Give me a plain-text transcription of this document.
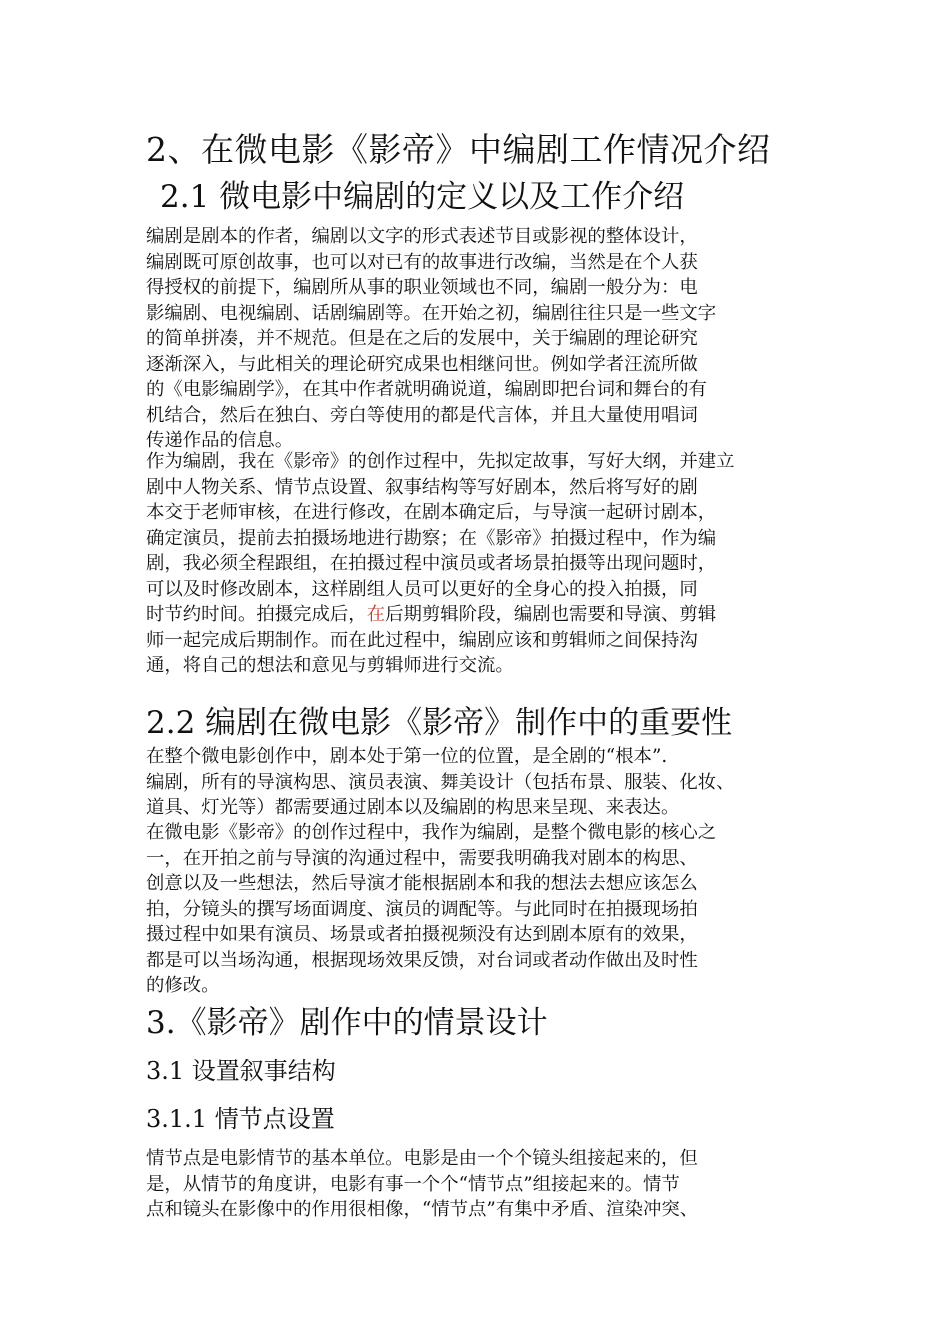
2、在微电影《影帝》中编剧工作情况介绍
2.1 微电影中编剧的定义以及工作介绍
编剧是剧本的作者，编剧以文字的形式表述节目或影视的整体设计，
编剧既可原创故事，也可以对已有的故事进行改编，当然是在个人获
得授权的前提下，编剧所从事的职业领域也不同，编剧一般分为：电
影编剧、电视编剧、话剧编剧等。在开始之初，编剧往往只是一些文字
的简单拼凑，并不规范。但是在之后的发展中，关于编剧的理论研究
逐渐深入，与此相关的理论研究成果也相继问世。例如学者汪流所做
的《电影编剧学》，在其中作者就明确说道，编剧即把台词和舞台的有
机结合，然后在独白、旁白等使用的都是代言体，并且大量使用唱词
传递作品的信息。
作为编剧，我在《影帝》的创作过程中，先拟定故事，写好大纲，并建立
剧中人物关系、情节点设置、叙事结构等写好剧本，然后将写好的剧
本交于老师审核，在进行修改，在剧本确定后，与导演一起研讨剧本，
确定演员，提前去拍摄场地进行勘察；在《影帝》拍摄过程中，作为编
剧，我必须全程跟组，在拍摄过程中演员或者场景拍摄等出现问题时，
可以及时修改剧本，这样剧组人员可以更好的全身心的投入拍摄，同
时节约时间。拍摄完成后，在后期剪辑阶段，编剧也需要和导演、剪辑
师一起完成后期制作。而在此过程中，编剧应该和剪辑师之间保持沟
通，将自己的想法和意见与剪辑师进行交流。
2.2 编剧在微电影《影帝》制作中的重要性
在整个微电影创作中，剧本处于第一位的位置，是全剧的“根本”.
编剧，所有的导演构思、演员表演、舞美设计（包括布景、服装、化妆、
道具、灯光等）都需要通过剧本以及编剧的构思来呈现、来表达。
在微电影《影帝》的创作过程中，我作为编剧，是整个微电影的核心之
一，在开拍之前与导演的沟通过程中，需要我明确我对剧本的构思、
创意以及一些想法，然后导演才能根据剧本和我的想法去想应该怎么
拍，分镜头的撰写场面调度、演员的调配等。与此同时在拍摄现场拍
摄过程中如果有演员、场景或者拍摄视频没有达到剧本原有的效果，
都是可以当场沟通，根据现场效果反馈，对台词或者动作做出及时性
的修改。
3.《影帝》剧作中的情景设计
3.1 设置叙事结构
3.1.1 情节点设置
情节点是电影情节的基本单位。电影是由一个个镜头组接起来的，但
是，从情节的角度讲，电影有事一个个“情节点”组接起来的。情节
点和镜头在影像中的作用很相像，“情节点”有集中矛盾、渲染冲突、
